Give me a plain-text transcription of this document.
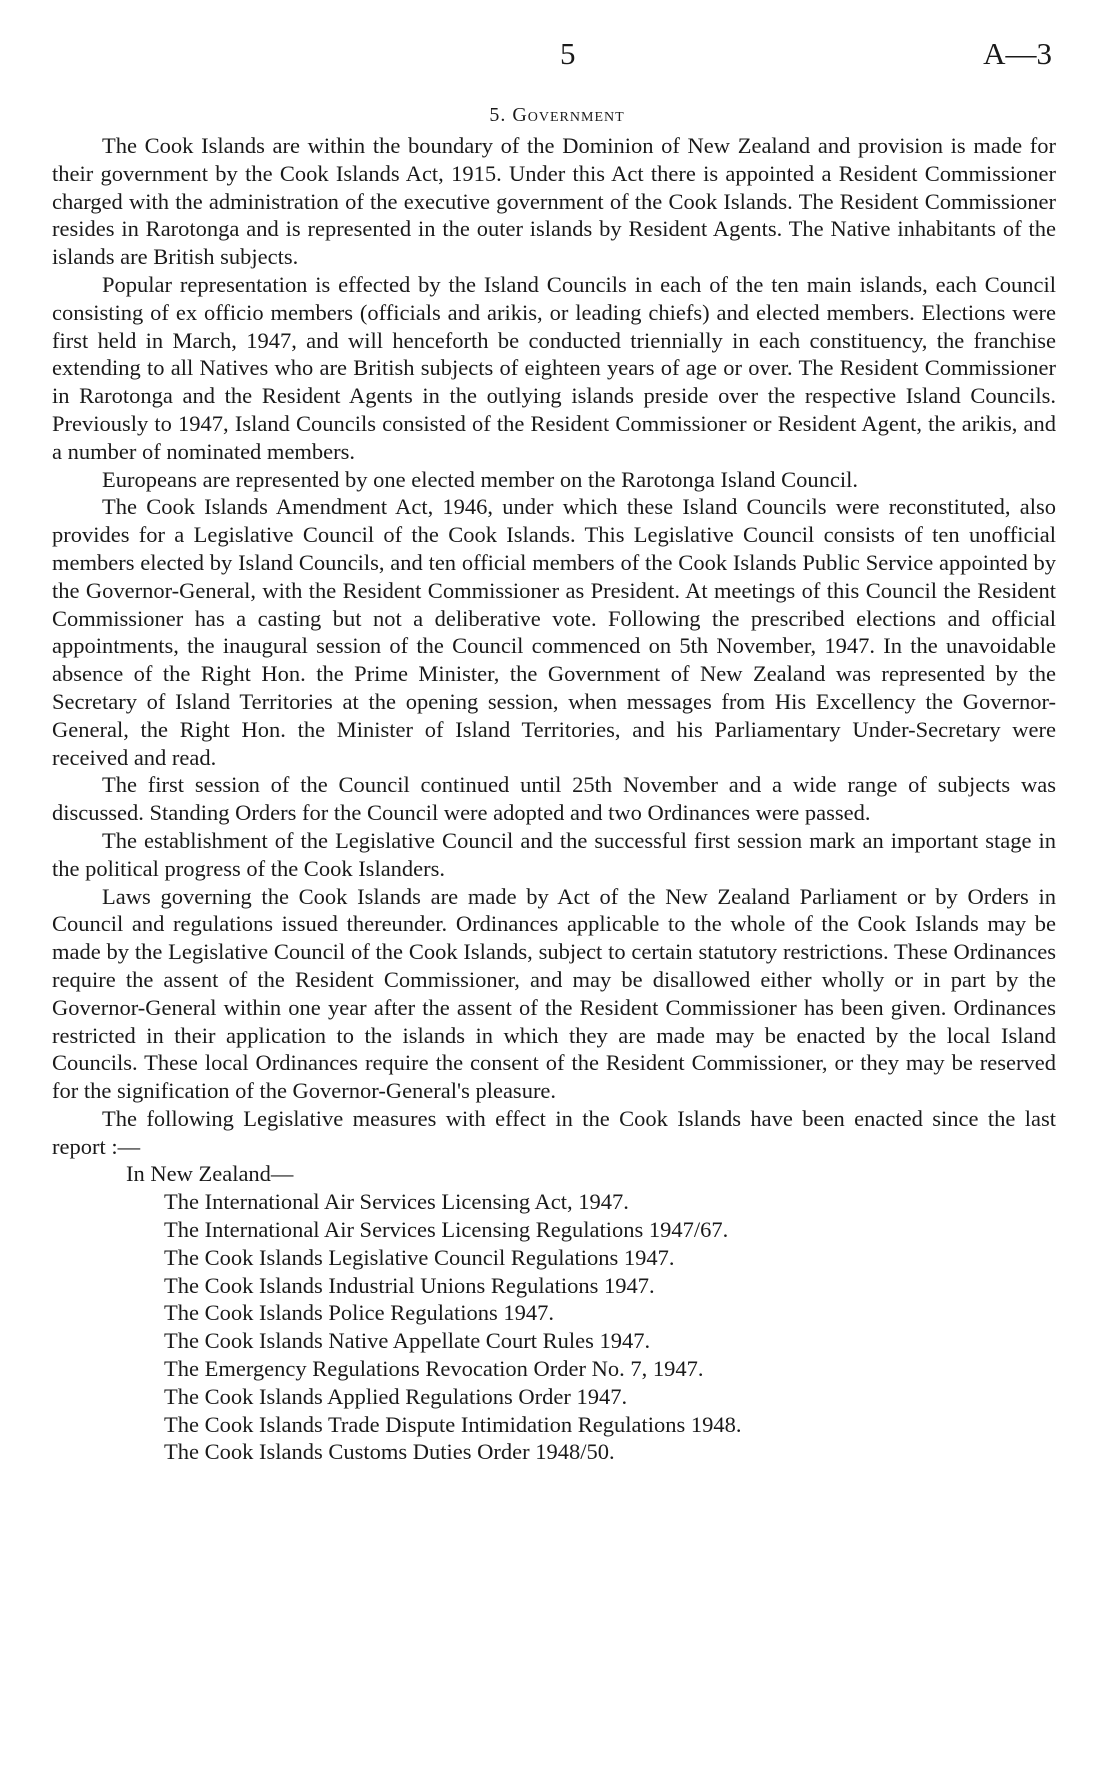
5	A—3
5. Government

The Cook Islands are within the boundary of the Dominion of New Zealand and provision is made for their government by the Cook Islands Act, 1915. Under this Act there is appointed a Resident Commissioner charged with the administration of the executive government of the Cook Islands. The Resident Commissioner resides in Rarotonga and is represented in the outer islands by Resident Agents. The Native inhabitants of the islands are British subjects.

Popular representation is effected by the Island Councils in each of the ten main islands, each Council consisting of ex officio members (officials and arikis, or leading chiefs) and elected members. Elections were first held in March, 1947, and will henceforth be conducted triennially in each constituency, the franchise extending to all Natives who are British subjects of eighteen years of age or over. The Resident Commissioner in Rarotonga and the Resident Agents in the outlying islands preside over the respective Island Councils. Previously to 1947, Island Councils consisted of the Resident Commissioner or Resident Agent, the arikis, and a number of nominated members.

Europeans are represented by one elected member on the Rarotonga Island Council.

The Cook Islands Amendment Act, 1946, under which these Island Councils were reconstituted, also provides for a Legislative Council of the Cook Islands. This Legislative Council consists of ten unofficial members elected by Island Councils, and ten official members of the Cook Islands Public Service appointed by the Governor-General, with the Resident Commissioner as President. At meetings of this Council the Resident Commissioner has a casting but not a deliberative vote. Following the prescribed elections and official appointments, the inaugural session of the Council commenced on 5th November, 1947. In the unavoidable absence of the Right Hon. the Prime Minister, the Government of New Zealand was represented by the Secretary of Island Territories at the opening session, when messages from His Excellency the Governor-General, the Right Hon. the Minister of Island Territories, and his Parliamentary Under-Secretary were received and read.

The first session of the Council continued until 25th November and a wide range of subjects was discussed. Standing Orders for the Council were adopted and two Ordinances were passed.

The establishment of the Legislative Council and the successful first session mark an important stage in the political progress of the Cook Islanders.

Laws governing the Cook Islands are made by Act of the New Zealand Parliament or by Orders in Council and regulations issued thereunder. Ordinances applicable to the whole of the Cook Islands may be made by the Legislative Council of the Cook Islands, subject to certain statutory restrictions. These Ordinances require the assent of the Resident Commissioner, and may be disallowed either wholly or in part by the Governor-General within one year after the assent of the Resident Commissioner has been given. Ordinances restricted in their application to the islands in which they are made may be enacted by the local Island Councils. These local Ordinances require the consent of the Resident Commissioner, or they may be reserved for the signification of the Governor-General's pleasure.

The following Legislative measures with effect in the Cook Islands have been enacted since the last report :—

In New Zealand—

The International Air Services Licensing Act, 1947.
The International Air Services Licensing Regulations 1947/67.
The Cook Islands Legislative Council Regulations 1947.
The Cook Islands Industrial Unions Regulations 1947.
The Cook Islands Police Regulations 1947.
The Cook Islands Native Appellate Court Rules 1947.
The Emergency Regulations Revocation Order No. 7, 1947.
The Cook Islands Applied Regulations Order 1947.
The Cook Islands Trade Dispute Intimidation Regulations 1948.
The Cook Islands Customs Duties Order 1948/50.
